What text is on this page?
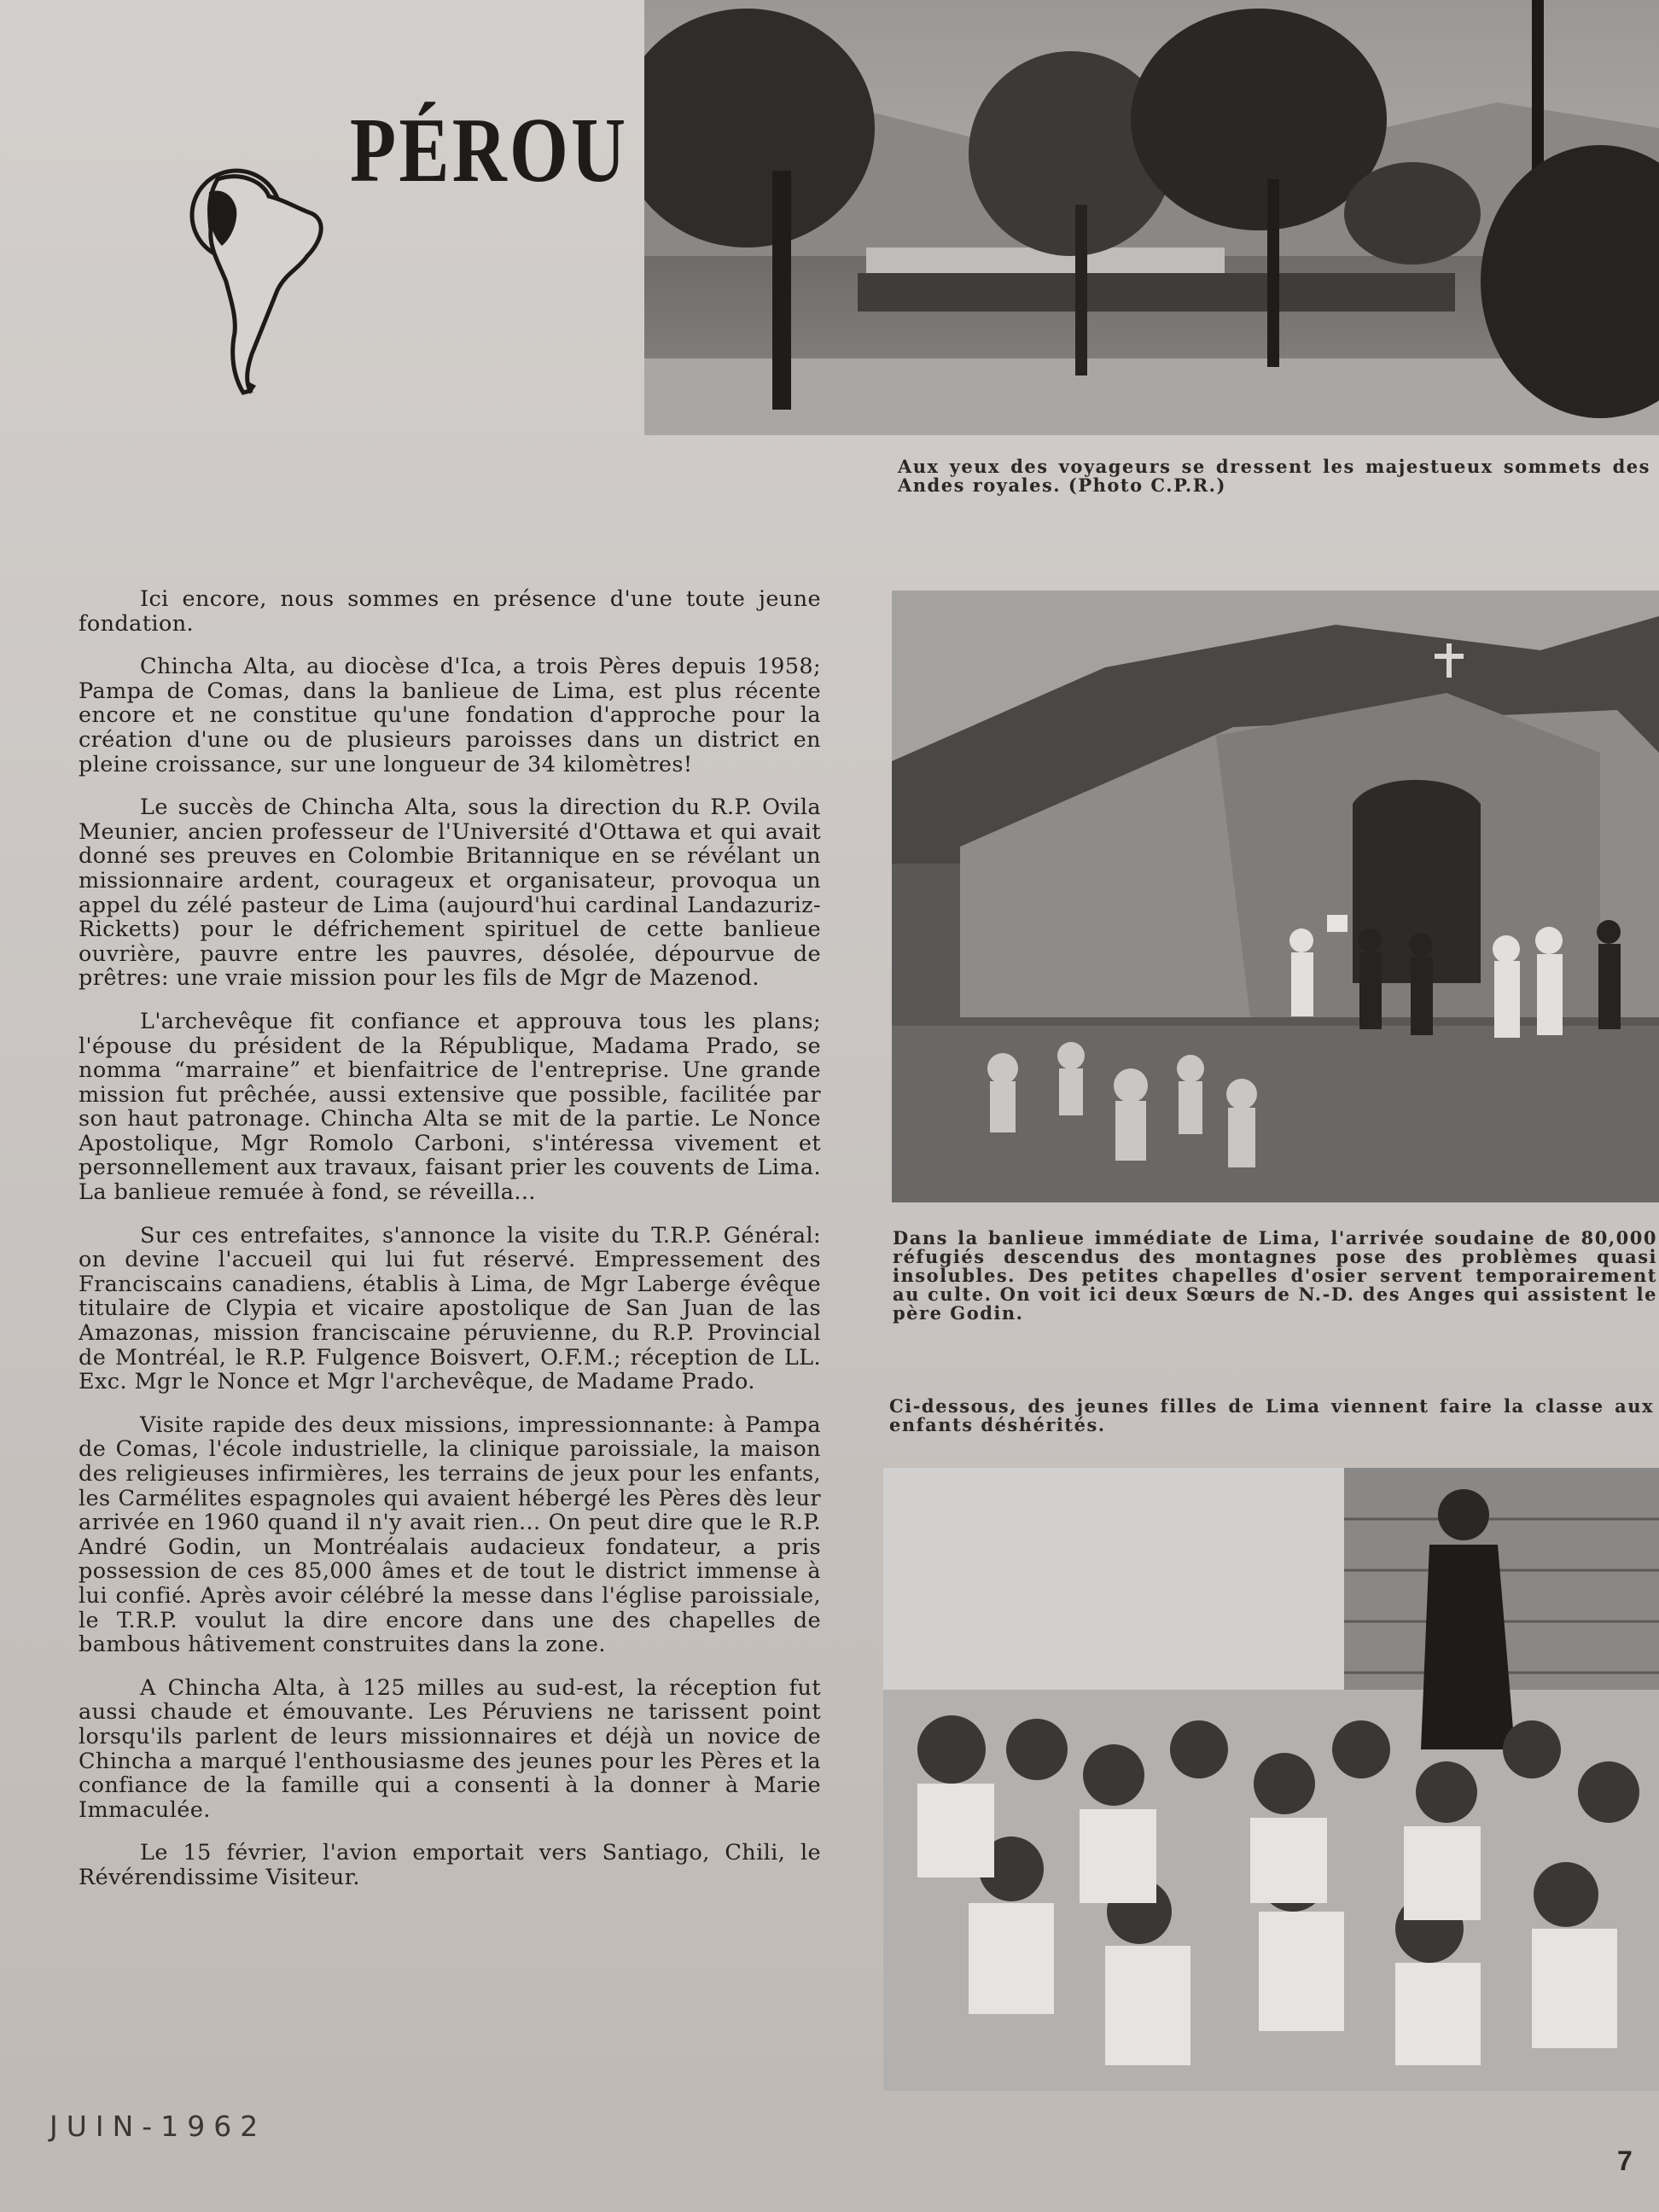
PÉROU
Aux yeux des voyageurs se dressent les majestueux sommets des Andes royales. (Photo C.P.R.)
Dans la banlieue immédiate de Lima, l'arrivée soudaine de 80,000 réfugiés descendus des montagnes pose des problèmes quasi insolubles. Des petites chapelles d'osier servent temporairement au culte. On voit ici deux Sœurs de N.-D. des Anges qui assistent le père Godin.
Ci-dessous, des jeunes filles de Lima viennent faire la classe aux enfants déshérités.

Ici encore, nous sommes en présence d'une toute jeune fondation.

Chincha Alta, au diocèse d'Ica, a trois Pères depuis 1958; Pampa de Comas, dans la banlieue de Lima, est plus récente encore et ne constitue qu'une fondation d'approche pour la création d'une ou de plusieurs paroisses dans un district en pleine croissance, sur une longueur de 34 kilomètres!

Le succès de Chincha Alta, sous la direction du R.P. Ovila Meunier, ancien professeur de l'Université d'Ottawa et qui avait donné ses preuves en Colombie Britannique en se révélant un missionnaire ardent, courageux et organisateur, provoqua un appel du zélé pasteur de Lima (aujourd'hui cardinal Landazuriz-Ricketts) pour le défrichement spirituel de cette banlieue ouvrière, pauvre entre les pauvres, désolée, dépourvue de prêtres: une vraie mission pour les fils de Mgr de Mazenod.

L'archevêque fit confiance et approuva tous les plans; l'épouse du président de la République, Madama Prado, se nomma “marraine” et bienfaitrice de l'entreprise. Une grande mission fut prêchée, aussi extensive que possible, facilitée par son haut patronage. Chincha Alta se mit de la partie. Le Nonce Apostolique, Mgr Romolo Carboni, s'intéressa vivement et personnellement aux travaux, faisant prier les couvents de Lima. La banlieue remuée à fond, se réveilla...

Sur ces entrefaites, s'annonce la visite du T.R.P. Général: on devine l'accueil qui lui fut réservé. Empressement des Franciscains canadiens, établis à Lima, de Mgr Laberge évêque titulaire de Clypia et vicaire apostolique de San Juan de las Amazonas, mission franciscaine péruvienne, du R.P. Provincial de Montréal, le R.P. Fulgence Boisvert, O.F.M.; réception de LL. Exc. Mgr le Nonce et Mgr l'archevêque, de Madame Prado.

Visite rapide des deux missions, impressionnante: à Pampa de Comas, l'école industrielle, la clinique paroissiale, la maison des religieuses infirmières, les terrains de jeux pour les enfants, les Carmélites espagnoles qui avaient hébergé les Pères dès leur arrivée en 1960 quand il n'y avait rien... On peut dire que le R.P. André Godin, un Montréalais audacieux fondateur, a pris possession de ces 85,000 âmes et de tout le district immense à lui confié. Après avoir célébré la messe dans l'église paroissiale, le T.R.P. voulut la dire encore dans une des chapelles de bambous hâtivement construites dans la zone.

A Chincha Alta, à 125 milles au sud-est, la réception fut aussi chaude et émouvante. Les Péruviens ne tarissent point lorsqu'ils parlent de leurs missionnaires et déjà un novice de Chincha a marqué l'enthousiasme des jeunes pour les Pères et la confiance de la famille qui a consenti à la donner à Marie Immaculée.

Le 15 février, l'avion emportait vers Santiago, Chili, le Révérendissime Visiteur.

JUIN-1962
7
